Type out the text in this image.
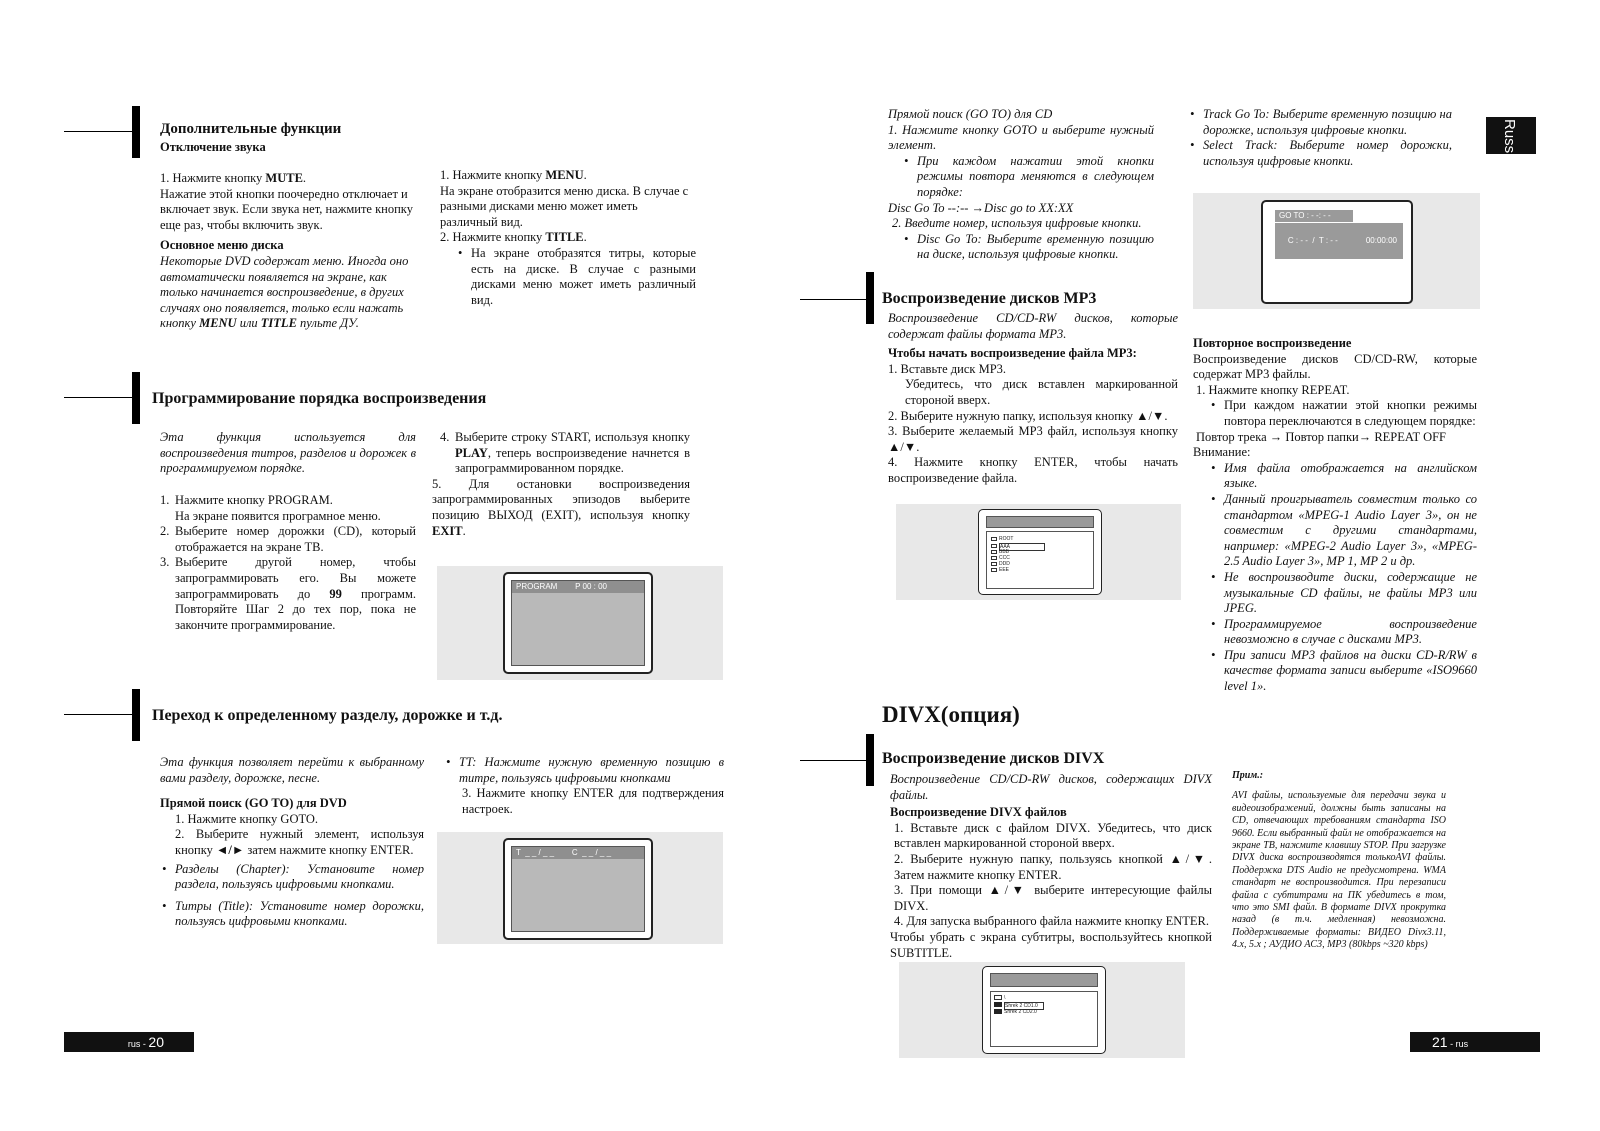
Дополнительные функции
Отключение звука
1. Нажмите кнопку MUTE.
Нажатие этой кнопки поочередно отключает и включает звук. Если звука нет, нажмите кнопку еще раз, чтобы включить звук.
Основное меню диска
Некоторые DVD содержат меню. Иногда оно автоматически появляется на экране, как только начинается воспроизведение, в других случаях оно появляется, только если нажать кнопку MENU или TITLE пульте ДУ.
1. Нажмите кнопку MENU.
На экране отобразится меню диска. В случае с разными дисками меню может иметь различный вид.
2. Нажмите кнопку TITLE.
• На экране отобразятся титры, которые есть на диске. В случае с разными дисками меню может иметь различный вид.
Программирование порядка воспроизведения
Эта функция используется для воспроизведения титров, разделов и дорожек в программируемом порядке.
1. Нажмите кнопку PROGRAM.
На экране появится програмное меню.
2. Выберите номер дорожки (CD), который отображается на экране ТВ.
3. Выберите другой номер, чтобы запрограммировать его. Вы можете запрограммировать до 99 программ. Повторяйте Шаг 2 до тех пор, пока не закончите программирование.
4. Выберите строку START, используя кнопку PLAY, теперь воспроизведение начнется в запрограммированном порядке.
5. Для остановки воспроизведения запрограммированных эпизодов выберите позицию ВЫХОД (EXIT), используя кнопку EXIT.
PROGRAM        P 00 : 00
Переход к определенному разделу, дорожке и т.д.
Эта функция позволяет перейти к выбранному вами разделу, дорожке, песне.
Прямой поиск (GO TO) для DVD
1. Нажмите кнопку GOTO.
2. Выберите нужный элемент, используя кнопку ◄/► затем нажмите кнопку ENTER.
• Разделы (Chapter): Установите номер раздела, пользуясь цифровыми кнопками.
• Титры (Title): Установите номер дорожки, пользуясь цифровыми кнопками.
• TT: Нажмите нужную временную позицию в титре, пользуясь цифровыми кнопками
3. Нажмите кнопку ENTER для подтверждения настроек.
T  _ _ / _ _        C  _ _ / _ _
rus - 20
Russian
Прямой поиск (GO TO) для CD
1. Нажмите кнопку GOTO и выберите нужный элемент.
• При каждом нажатии этой кнопки режимы повтора меняются в следующем порядке:
Disc Go To --:-- →Disc go to XX:XX
2. Введите номер, используя цифровые кнопки.
• Disc Go To: Выберите временную позицию на диске, используя цифровые кнопки.
• Track Go To: Выберите временную позицию на дорожке, используя цифровые кнопки.
• Select Track: Выберите номер дорожки, используя цифровые кнопки.
GO TO : - -: - -

C : - -  /  T : - -	00:00:00

Воспроизведение дисков MP3
Воспроизведение CD/CD-RW дисков, которые содержат файлы формата MP3.
Чтобы начать воспроизведение файла MP3:
1. Вставьте диск MP3.
Убедитесь, что диск вставлен маркированной стороной вверх.
2. Выберите нужную папку, используя кнопку ▲/▼.
3. Выберите желаемый MP3 файл, используя кнопку ▲/▼.
4. Нажмите кнопку ENTER, чтобы начать воспроизведение файла.
ROOT
AAA
BBB
CCC
DDD
EEE
Повторное воспроизведение
Воспроизведение дисков CD/CD-RW, которые содержат MP3 файлы.
1. Нажмите кнопку REPEAT.
• При каждом нажатии этой кнопки режимы повтора переключаются в следующем порядке:
Повтор трека → Повтор папки→ REPEAT OFF
Внимание:
• Имя файла отображается на английском языке.
• Данный проигрыватель совместим только со стандартом «MPEG-1 Audio Layer 3», он не совместим с другими стандартами, например: «MPEG-2 Audio Layer 3», «MPEG-2.5 Audio Layer 3», MP 1, MP 2 и др.
• Не воспроизводите диски, содержащие не музыкальные CD файлы, не файлы MP3 или JPEG.
• Программируемое воспроизведение невозможно в случае с дисками MP3.
• При записи MP3 файлов на диски CD-R/RW в качестве формата записи выберите «ISO9660 level 1».
DIVX(опция)
Воспроизведение дисков DIVX
Воспроизведение CD/CD-RW дисков, содержащих DIVX файлы.
Воспроизведение DIVX файлов
1. Вставьте диск с файлом DIVX. Убедитесь, что диск вставлен маркированной стороной вверх.
2. Выберите нужную папку, пользуясь кнопкой ▲/▼. Затем нажмите кнопку ENTER.
3. При помощи ▲/▼ выберите интересующие файлы DIVX.
4. Для запуска выбранного файла нажмите кнопку ENTER.
Чтобы убрать с экрана субтитры, воспользуйтесь кнопкой SUBTITLE.
\
Shrek 2 CD1.0
Shrek 2 CD2.0
Прим.:
AVI файлы, используемые для передачи звука и видеоизображений, должны быть записаны на CD, отвечающих требованиям стандарта ISO 9660. Если выбранный файл не отображается на экране ТВ, нажмите клавишу STOP. При загрузке DIVX диска воспроизводятся толькоAVI файлы. Поддержка DTS Audio не предусмотрена. WMA стандарт не воспроизводится. При перезаписи файла с субтитрами на ПК убедитесь в том, что это SMI файл. В формате DIVX прокрутка назад (в т.ч. медленная) невозможна. Поддерживаемые форматы: ВИДЕО Divx3.11, 4.x, 5.x ; АУДИО AC3, MP3 (80kbps ~320 kbps)
21 - rus
